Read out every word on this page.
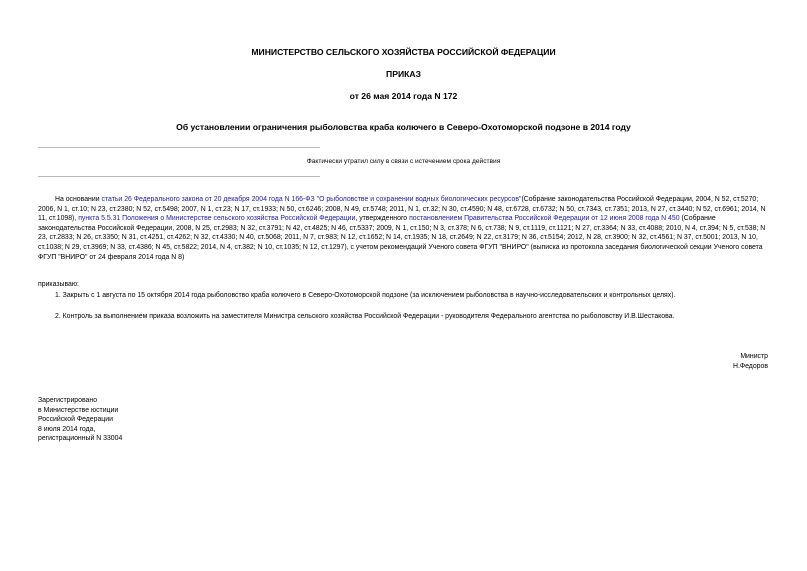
МИНИСТЕРСТВО СЕЛЬСКОГО ХОЗЯЙСТВА РОССИЙСКОЙ ФЕДЕРАЦИИ
ПРИКАЗ
от 26 мая 2014 года N 172
Об установлении ограничения рыболовства краба колючего в Северо-Охотоморской подзоне в 2014 году
Фактически утратил силу в связи с истечением срока действия
На основании статьи 26 Федерального закона от 20 декабря 2004 года N 166-ФЗ "О рыболовстве и сохранении водных биологических ресурсов"(Собрание законодательства Российской Федерации, 2004, N 52, ст.5270; 2006, N 1, ст.10; N 23, ст.2380; N 52, ст.5498; 2007, N 1, ст.23; N 17, ст.1933; N 50, ст.6246; 2008, N 49, ст.5748; 2011, N 1, ст.32; N 30, ст.4590; N 48, ст.6728, ст.6732; N 50, ст.7343, ст.7351; 2013, N 27, ст.3440; N 52, ст.6961; 2014, N 11, ст.1098), пункта 5.5.31 Положения о Министерстве сельского хозяйства Российской Федерации, утвержденного постановлением Правительства Российской Федерации от 12 июня 2008 года N 450 (Собрание законодательства Российской Федерации, 2008, N 25, ст.2983; N 32, ст.3791; N 42, ст.4825; N 46, ст.5337; 2009, N 1, ст.150; N 3, ст.378; N 6, ст.738; N 9, ст.1119, ст.1121; N 27, ст.3364; N 33, ст.4088; 2010, N 4, ст.394; N 5, ст.538; N 23, ст.2833; N 26, ст.3350; N 31, ст.4251, ст.4262; N 32, ст.4330; N 40, ст.5068; 2011, N 7, ст.983; N 12, ст.1652; N 14, ст.1935; N 18, ст.2649; N 22, ст.3179; N 36, ст.5154; 2012, N 28, ст.3900; N 32, ст.4561; N 37, ст.5001; 2013, N 10, ст.1038; N 29, ст.3969; N 33, ст.4386; N 45, ст.5822; 2014, N 4, ст.382; N 10, ст.1035; N 12, ст.1297), с учетом рекомендаций Ученого совета ФГУП "ВНИРО" (выписка из протокола заседания биологической секции Ученого совета ФГУП "ВНИРО" от 24 февраля 2014 года N 8)
приказываю:
1. Закрыть с 1 августа по 15 октября 2014 года рыболовство краба колючего в Северо-Охотоморской подзоне (за исключением рыболовства в научно-исследовательских и контрольных целях).
2. Контроль за выполнением приказа возложить на заместителя Министра сельского хозяйства Российской Федерации - руководителя Федерального агентства по рыболовству И.В.Шестакова.
Министр
Н.Федоров
Зарегистрировано
в Министерстве юстиции
Российской Федерации
8 июля 2014 года,
регистрационный N 33004
